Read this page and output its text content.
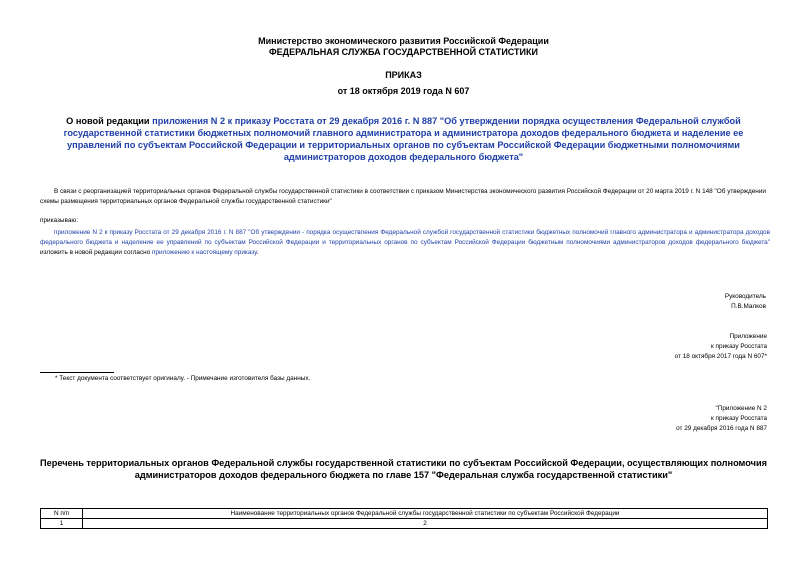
Министерство экономического развития Российской Федерации
ФЕДЕРАЛЬНАЯ СЛУЖБА ГОСУДАРСТВЕННОЙ СТАТИСТИКИ
ПРИКАЗ
от 18 октября 2019 года N 607
О новой редакции приложения N 2 к приказу Росстата от 29 декабря 2016 г. N 887 "Об утверждении порядка осуществления Федеральной службой государственной статистики бюджетных полномочий главного администратора и администратора доходов федерального бюджета и наделение ее управлений по субъектам Российской Федерации и территориальных органов по субъектам Российской Федерации бюджетными полномочиями администраторов доходов федерального бюджета"

В связи с реорганизацией территориальных органов Федеральной службы государственной статистики в соответствии с приказом Министерства экономического развития Российской Федерации от 20 марта 2019 г. N 148 "Об утверждении схемы размещения территориальных органов Федеральной службы государственной статистики"

приказываю:

приложение N 2 к приказу Росстата от 29 декабря 2016 г. N 887 "Об утверждении - порядка осуществления Федеральной службой государственной статистики бюджетных полномочий главного администратора и администратора доходов федерального бюджета и наделение ее управлений по субъектам Российской Федерации и территориальных органов по субъектам Российской Федерации бюджетным полномочиями администраторов доходов федерального бюджета" изложить в новой редакции согласно приложению к настоящему приказу.

Руководитель
П.В.Малков
Приложение
к приказу Росстата
от 18 октября 2017 года N 607*
* Текст документа соответствует оригиналу. - Примечание изготовителя базы данных.
"Приложение N 2
к приказу Росстата
от 29 декабря 2016 года N 887
Перечень территориальных органов Федеральной службы государственной статистики по субъектам Российской Федерации, осуществляющих полномочия администраторов доходов федерального бюджета по главе 157 "Федеральная служба государственной статистики"
N п/п	Наименование территориальных органов Федеральной службы государственной статистики по субъектам Российской Федерации
1	2
